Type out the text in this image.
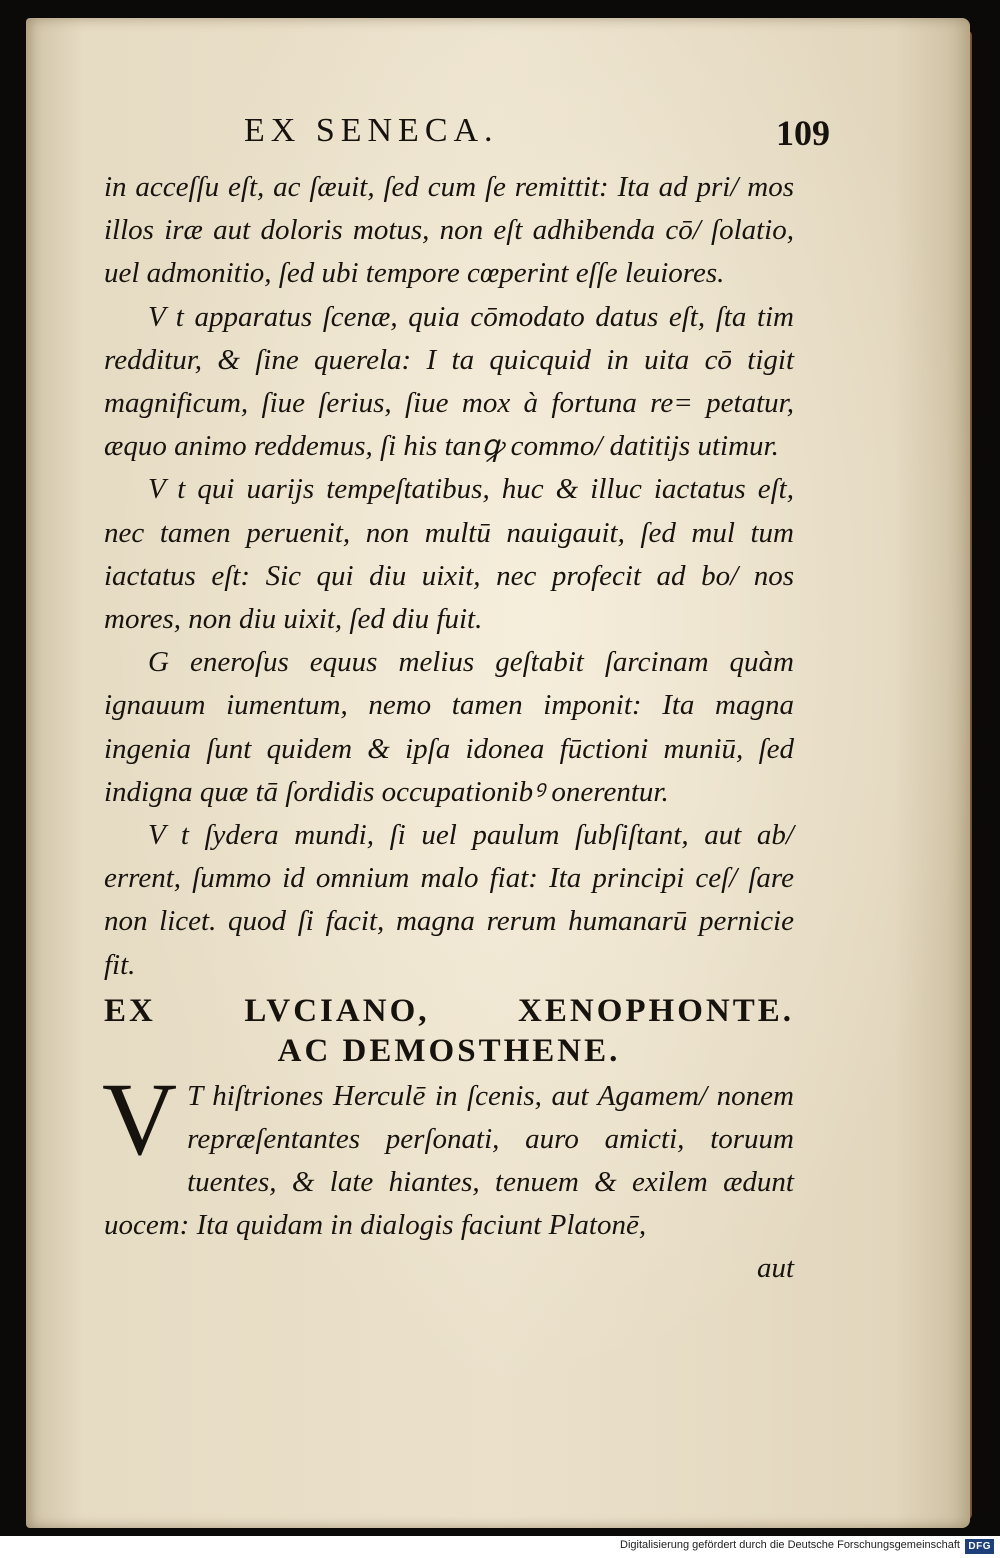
EX SENECA.	109

in acceſſu eſt, ac ſæuit, ſed cum ſe remittit: Ita ad pri/ mos illos iræ aut doloris motus, non eſt adhibenda cō/ ſolatio, uel admonitio, ſed ubi tempore cœperint eſſe leuiores.

V t apparatus ſcenæ, quia cōmodato datus eſt, ſta tim redditur, & ſine querela: I ta quicquid in uita cō tigit magnificum, ſiue ſerius, ſiue mox à fortuna re= petatur, æquo animo reddemus, ſi his tanꝙ commo/ datitijs utimur.

V t qui uarijs tempeſtatibus, huc & illuc iactatus eſt, nec tamen peruenit, non multū nauigauit, ſed mul tum iactatus eſt: Sic qui diu uixit, nec profecit ad bo/ nos mores, non diu uixit, ſed diu fuit.

G eneroſus equus melius geſtabit ſarcinam quàm ignauum iumentum, nemo tamen imponit: Ita magna ingenia ſunt quidem & ipſa idonea fūctioni muniū, ſed indigna quæ tā ſordidis occupationibꝰ onerentur.

V t ſydera mundi, ſi uel paulum ſubſiſtant, aut ab/ errent, ſummo id omnium malo fiat: Ita principi ceſ/ ſare non licet. quod ſi facit, magna rerum humanarū pernicie fit.

EX LVCIANO, XENOPHONTE.
AC DEMOSTHENE.

V T hiſtriones Herculē in ſcenis, aut Agamem/ nonem repræſentantes perſonati, auro amicti, toruum tuentes, & late hiantes, tenuem & exilem ædunt uocem: Ita quidam in dialogis faciunt Platonē,

aut

Digitalisierung gefördert durch die Deutsche Forschungsgemeinschaft DFG
